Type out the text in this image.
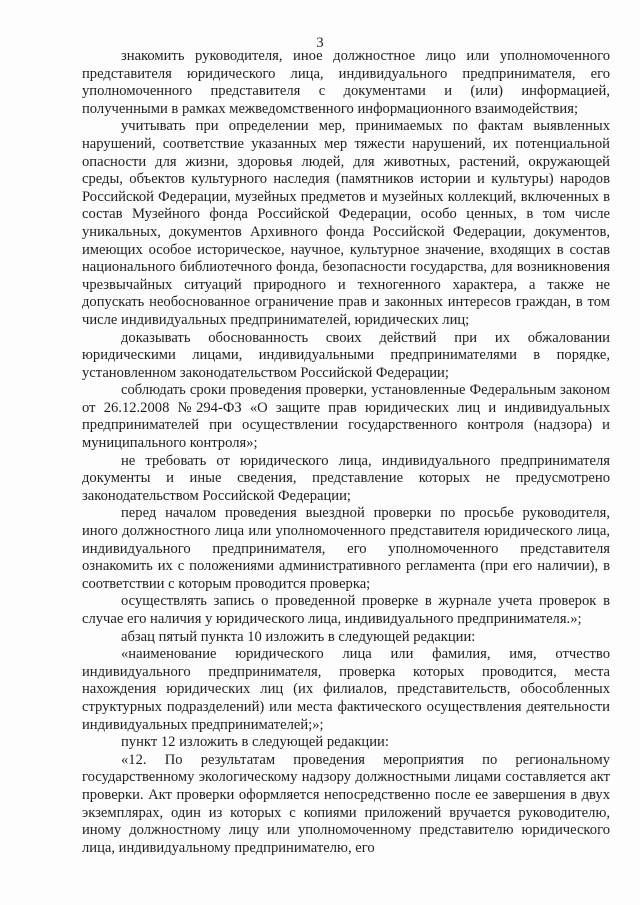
3

знакомить руководителя, иное должностное лицо или уполномоченного представителя юридического лица, индивидуального предпринимателя, его уполномоченного представителя с документами и (или) информацией, полученными в рамках межведомственного информационного взаимодействия;

учитывать при определении мер, принимаемых по фактам выявленных нарушений, соответствие указанных мер тяжести нарушений, их потенциальной опасности для жизни, здоровья людей, для животных, растений, окружающей среды, объектов культурного наследия (памятников истории и культуры) народов Российской Федерации, музейных предметов и музейных коллекций, включенных в состав Музейного фонда Российской Федерации, особо ценных, в том числе уникальных, документов Архивного фонда Российской Федерации, документов, имеющих особое историческое, научное, культурное значение, входящих в состав национального библиотечного фонда, безопасности государства, для возникновения чрезвычайных ситуаций природного и техногенного характера, а также не допускать необоснованное ограничение прав и законных интересов граждан, в том числе индивидуальных предпринимателей, юридических лиц;

доказывать обоснованность своих действий при их обжаловании юридическими лицами, индивидуальными предпринимателями в порядке, установленном законодательством Российской Федерации;

соблюдать сроки проведения проверки, установленные Федеральным законом от 26.12.2008 №294-ФЗ «О защите прав юридических лиц и индивидуальных предпринимателей при осуществлении государственного контроля (надзора) и муниципального контроля»;

не требовать от юридического лица, индивидуального предпринимателя документы и иные сведения, представление которых не предусмотрено законодательством Российской Федерации;

перед началом проведения выездной проверки по просьбе руководителя, иного должностного лица или уполномоченного представителя юридического лица, индивидуального предпринимателя, его уполномоченного представителя ознакомить их с положениями административного регламента (при его наличии), в соответствии с которым проводится проверка;

осуществлять запись о проведенной проверке в журнале учета проверок в случае его наличия у юридического лица, индивидуального предпринимателя.»;

абзац пятый пункта 10 изложить в следующей редакции:

«наименование юридического лица или фамилия, имя, отчество индивидуального предпринимателя, проверка которых проводится, места нахождения юридических лиц (их филиалов, представительств, обособленных структурных подразделений) или места фактического осуществления деятельности индивидуальных предпринимателей;»;

пункт 12 изложить в следующей редакции:

«12. По результатам проведения мероприятия по региональному государственному экологическому надзору должностными лицами составляется акт проверки. Акт проверки оформляется непосредственно после ее завершения в двух экземплярах, один из которых с копиями приложений вручается руководителю, иному должностному лицу или уполномоченному представителю юридического лица, индивидуальному предпринимателю, его
